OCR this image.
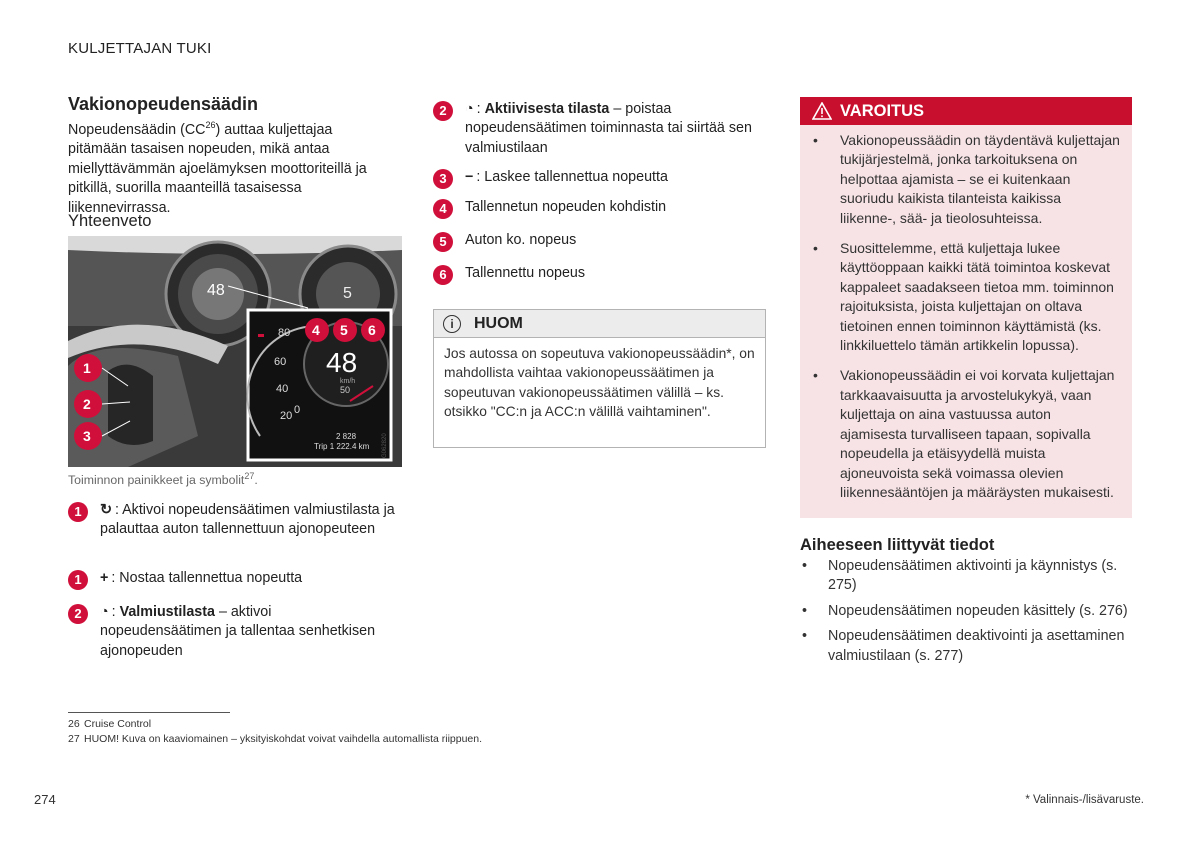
KULJETTAJAN TUKI
Vakionopeudensäädin
Nopeudensäädin (CC$^{26}$) auttaa kuljettajaa pitämään tasaisen nopeuden, mikä antaa miellyttävämmän ajoelämyksen moottoriteillä ja pitkillä, suorilla maanteillä tasaisessa liikennevirrassa.
Yhteenveto
48	5
48
km/h
50
80
60
40
20 0
2 828
Trip 1 222.4 km G062820
4 5 6
1
2
3
Toiminnon painikkeet ja symbolit$^{27}$.
1	↻ : Aktivoi nopeudensäätimen valmiustilasta ja palauttaa auton tallennettuun ajonopeuteen
1	+ : Nostaa tallennettua nopeutta
2	◔ : Valmiustilasta – aktivoi nopeudensäätimen ja tallentaa senhetkisen ajonopeuden
2	◔ : Aktiivisesta tilasta – poistaa nopeudensäätimen toiminnasta tai siirtää sen valmiustilaan
3	− : Laskee tallennettua nopeutta
4	Tallennetun nopeuden kohdistin
5	Auton ko. nopeus
6	Tallennettu nopeus
i	HUOM
Jos autossa on sopeutuva vakionopeussäädin*, on mahdollista vaihtaa vakionopeussäätimen ja sopeutuvan vakionopeussäätimen välillä – ks. otsikko "CC:n ja ACC:n välillä vaihtaminen".
VAROITUS
• Vakionopeussäädin on täydentävä kuljettajan tukijärjestelmä, jonka tarkoituksena on helpottaa ajamista – se ei kuitenkaan suoriudu kaikista tilanteista kaikissa liikenne-, sää- ja tieolosuhteissa.
• Suosittelemme, että kuljettaja lukee käyttöoppaan kaikki tätä toimintoa koskevat kappaleet saadakseen tietoa mm. toiminnon rajoituksista, joista kuljettajan on oltava tietoinen ennen toiminnon käyttämistä (ks. linkkiluettelo tämän artikkelin lopussa).
• Vakionopeussäädin ei voi korvata kuljettajan tarkkaavaisuutta ja arvostelukykyä, vaan kuljettaja on aina vastuussa auton ajamisesta turvalliseen tapaan, sopivalla nopeudella ja etäisyydellä muista ajoneuvoista sekä voimassa olevien liikennesääntöjen ja määräysten mukaisesti.
Aiheeseen liittyvät tiedot
• Nopeudensäätimen aktivointi ja käynnistys (s. 275)
• Nopeudensäätimen nopeuden käsittely (s. 276)
• Nopeudensäätimen deaktivointi ja asettaminen valmiustilaan (s. 277)
26 Cruise Control
27 HUOM! Kuva on kaaviomainen – yksityiskohdat voivat vaihdella automallista riippuen.
274	* Valinnais-/lisävaruste.
